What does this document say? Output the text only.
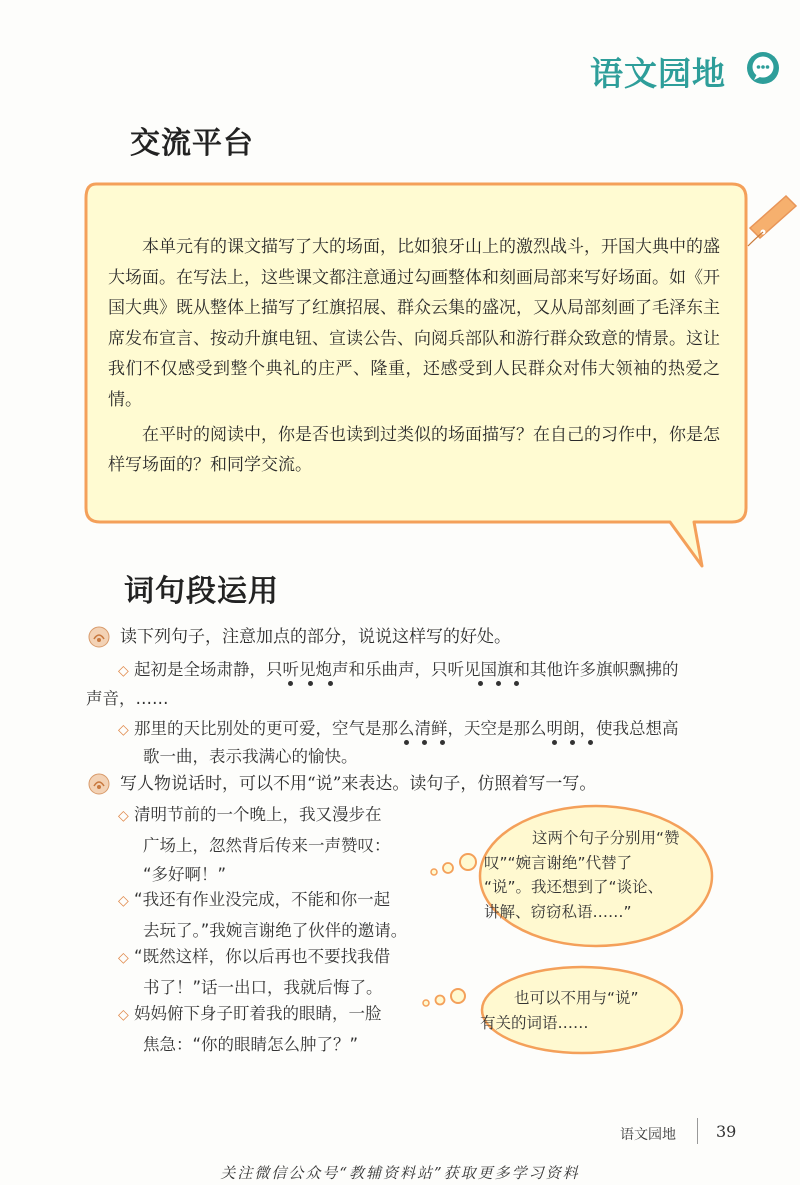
语文园地
交流平台

本单元有的课文描写了大的场面，比如狼牙山上的激烈战斗，开国大典中的盛大场面。在写法上，这些课文都注意通过勾画整体和刻画局部来写好场面。如《开国大典》既从整体上描写了红旗招展、群众云集的盛况，又从局部刻画了毛泽东主席发布宣言、按动升旗电钮、宣读公告、向阅兵部队和游行群众致意的情景。这让我们不仅感受到整个典礼的庄严、隆重，还感受到人民群众对伟大领袖的热爱之情。

在平时的阅读中，你是否也读到过类似的场面描写？在自己的习作中，你是怎样写场面的？和同学交流。

词句段运用
读下列句子，注意加点的部分，说说这样写的好处。
◇ 起初是全场肃静，只听见炮声和乐曲声，只听见国旗和其他许多旗帜飘拂的
声音，……
◇ 那里的天比别处的更可爱，空气是那么清鲜，天空是那么明朗，使我总想高
歌一曲，表示我满心的愉快。
写人物说话时，可以不用“说”来表达。读句子，仿照着写一写。
◇ 清明节前的一个晚上，我又漫步在
广场上，忽然背后传来一声赞叹：
“多好啊！”
◇ “我还有作业没完成，不能和你一起
去玩了。”我婉言谢绝了伙伴的邀请。
◇ “既然这样，你以后再也不要找我借
书了！”话一出口，我就后悔了。
◇ 妈妈俯下身子盯着我的眼睛，一脸
焦急：“你的眼睛怎么肿了？”
这两个句子分别用“赞
叹”“婉言谢绝”代替了
“说”。我还想到了“谈论、
讲解、窃窃私语……”
也可以不用与“说”
有关的词语……
语文园地	39
关注微信公众号“教辅资料站”获取更多学习资料
